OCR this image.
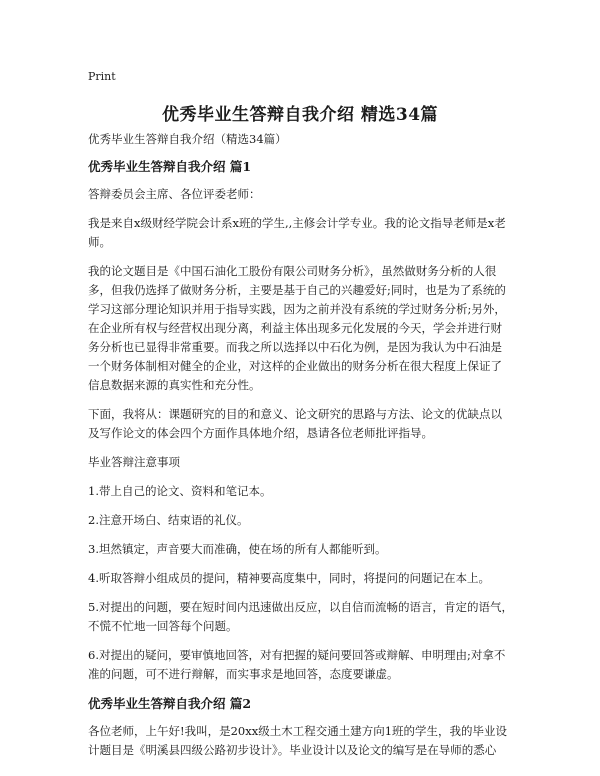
Print
优秀毕业生答辩自我介绍 精选34篇

优秀毕业生答辩自我介绍（精选34篇）

优秀毕业生答辩自我介绍 篇1

答辩委员会主席、各位评委老师：

我是来自x级财经学院会计系x班的学生,,主修会计学专业。我的论文指导老师是x老师。

我的论文题目是《中国石油化工股份有限公司财务分析》，虽然做财务分析的人很多，但我仍选择了做财务分析，主要是基于自己的兴趣爱好;同时，也是为了系统的学习这部分理论知识并用于指导实践，因为之前并没有系统的学过财务分析;另外，在企业所有权与经营权出现分离，利益主体出现多元化发展的今天，学会并进行财务分析也已显得非常重要。而我之所以选择以中石化为例，是因为我认为中石油是一个财务体制相对健全的企业，对这样的企业做出的财务分析在很大程度上保证了信息数据来源的真实性和充分性。

下面，我将从：课题研究的目的和意义、论文研究的思路与方法、论文的优缺点以及写作论文的体会四个方面作具体地介绍，恳请各位老师批评指导。

毕业答辩注意事项

1.带上自己的论文、资料和笔记本。

2.注意开场白、结束语的礼仪。

3.坦然镇定，声音要大而准确，使在场的所有人都能听到。

4.听取答辩小组成员的提问，精神要高度集中，同时，将提问的问题记在本上。

5.对提出的问题，要在短时间内迅速做出反应，以自信而流畅的语言，肯定的语气，不慌不忙地一回答每个问题。

6.对提出的疑问，要审慎地回答，对有把握的疑问要回答或辩解、申明理由;对拿不准的问题，可不进行辩解，而实事求是地回答，态度要谦虚。

优秀毕业生答辩自我介绍 篇2

各位老师，上午好!我叫，是20xx级土木工程交通土建方向1班的学生，我的毕业设计题目是《明溪县四级公路初步设计》。毕业设计以及论文的编写是在导师的悉心
